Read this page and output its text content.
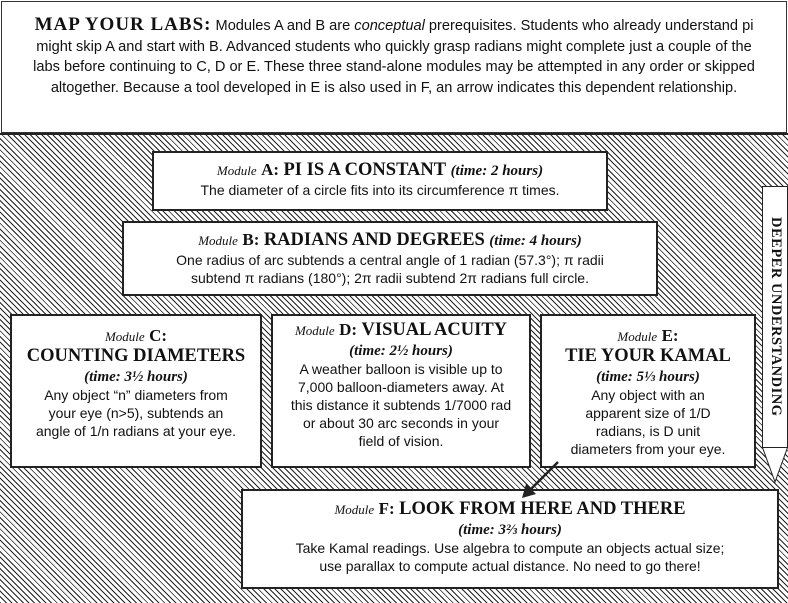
MAP YOUR LABS: Modules A and B are conceptual prerequisites. Students who already understand pi might skip A and start with B. Advanced students who quickly grasp radians might complete just a couple of the labs before continuing to C, D or E. These three stand-alone modules may be attempted in any order or skipped altogether. Because a tool developed in E is also used in F, an arrow indicates this dependent relationship.

Module A: PI IS A CONSTANT (time: 2 hours)
The diameter of a circle fits into its circumference π times.
Module B: RADIANS AND DEGREES (time: 4 hours)
One radius of arc subtends a central angle of 1 radian (57.3°); π radii
subtend π radians (180°); 2π radii subtend 2π radians full circle.
Module C:
COUNTING DIAMETERS
(time: 3½ hours)
Any object “n” diameters from
your eye (n>5), subtends an
angle of 1/n radians at your eye.
Module D: VISUAL ACUITY
(time: 2½ hours)
A weather balloon is visible up to
7,000 balloon-diameters away. At
this distance it subtends 1/7000 rad
or about 30 arc seconds in your
field of vision.
Module E:
TIE YOUR KAMAL
(time: 5⅓ hours)
Any object with an
apparent size of 1/D
radians, is D unit
diameters from your eye.
Module F: LOOK FROM HERE AND THERE
(time: 3⅔ hours)
Take Kamal readings. Use algebra to compute an objects actual size;
use parallax to compute actual distance. No need to go there!
DEEPER UNDERSTANDING
